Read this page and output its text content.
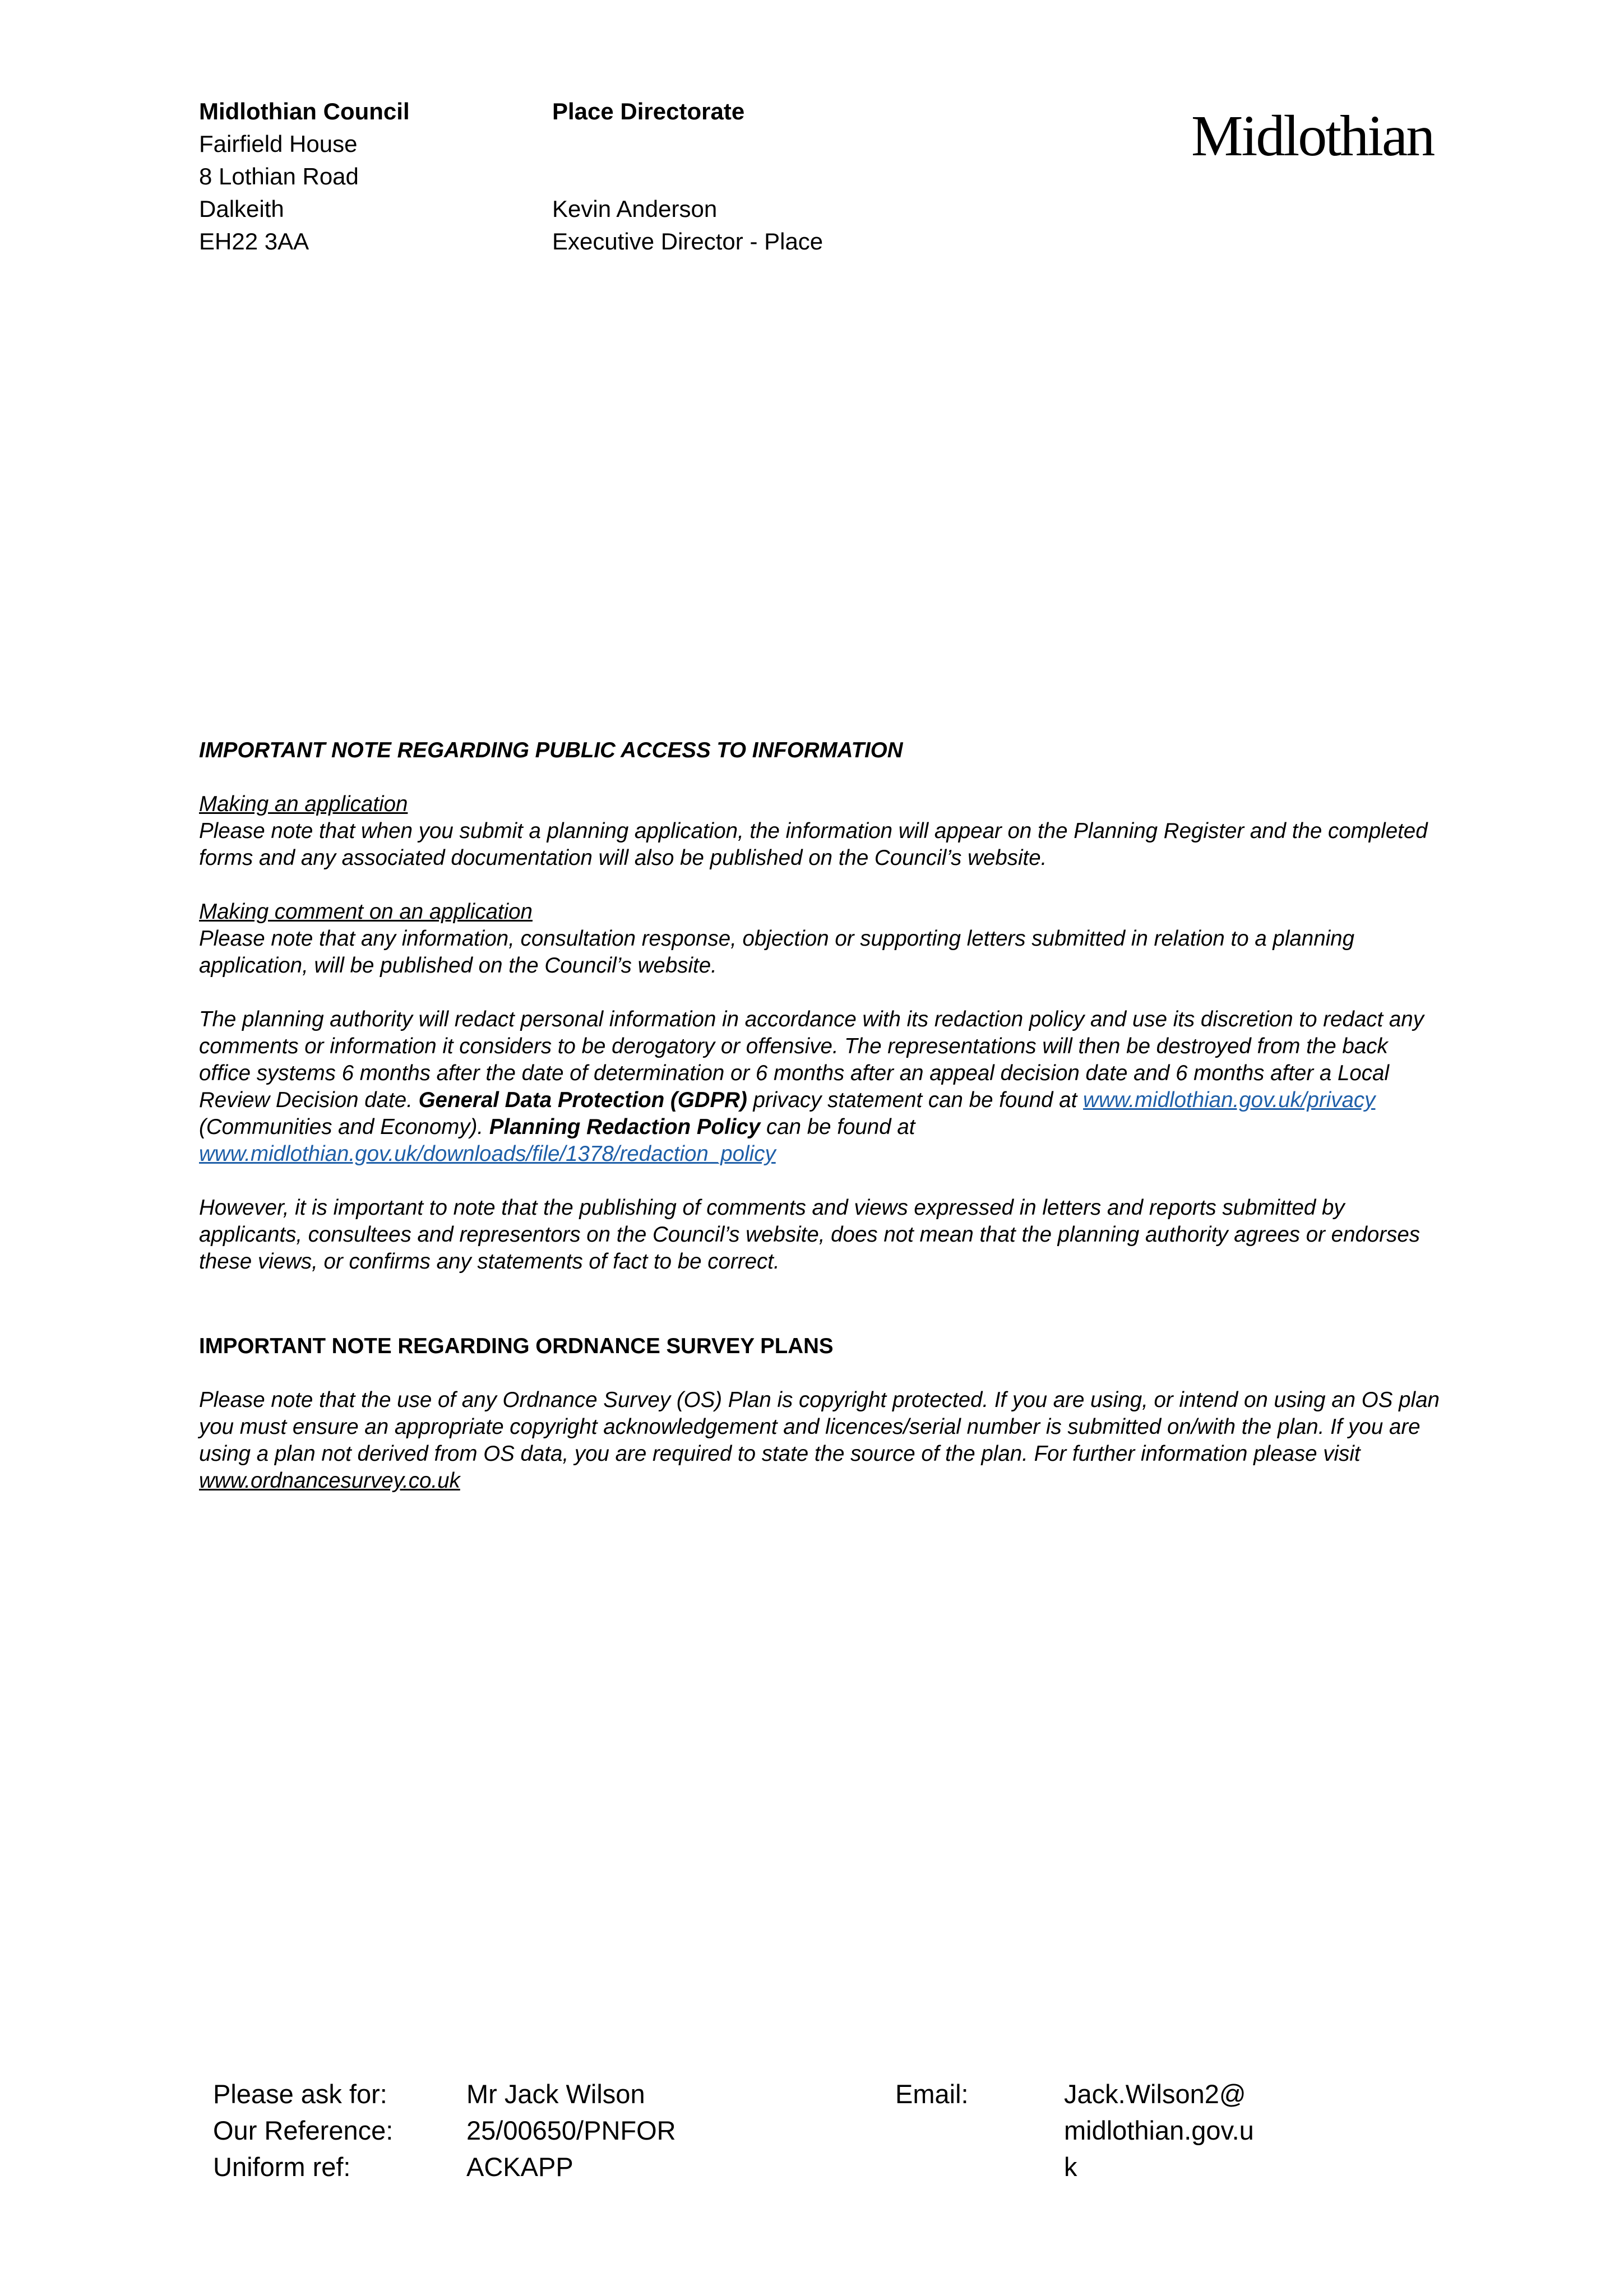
Midlothian Council
Fairfield House
8 Lothian Road
Dalkeith
EH22 3AA
Place Directorate
Kevin Anderson
Executive Director - Place
Midlothian

IMPORTANT NOTE REGARDING PUBLIC ACCESS TO INFORMATION

Making an application

Please note that when you submit a planning application, the information will appear on the Planning Register and the completed forms and any associated documentation will also be published on the Council’s website.

Making comment on an application

Please note that any information, consultation response, objection or supporting letters submitted in relation to a planning application, will be published on the Council’s website.

The planning authority will redact personal information in accordance with its redaction policy and use its discretion to redact any comments or information it considers to be derogatory or offensive. The representations will then be destroyed from the back office systems 6 months after the date of determination or 6 months after an appeal decision date and 6 months after a Local Review Decision date. General Data Protection (GDPR) privacy statement can be found at www.midlothian.gov.uk/privacy  (Communities and Economy). Planning Redaction Policy can be found at www.midlothian.gov.uk/downloads/file/1378/redaction_policy

However, it is important to note that the publishing of comments and views expressed in letters and reports submitted by applicants, consultees and representors on the Council’s website, does not mean that the planning authority agrees or endorses these views, or confirms any statements of fact to be correct.

IMPORTANT NOTE REGARDING ORDNANCE SURVEY PLANS

Please note that the use of any Ordnance Survey (OS) Plan is copyright protected. If you are using, or intend on using an OS plan you must ensure an appropriate copyright acknowledgement and licences/serial number is submitted on/with the plan. If you are using a plan not derived from OS data, you are required to state the source of the plan. For further information please visit www.ordnancesurvey.co.uk

Please ask for:
Our Reference:
Uniform ref:
Mr Jack Wilson
25/00650/PNFOR
ACKAPP
Email:	Jack.Wilson2@
midlothian.gov.u
k
